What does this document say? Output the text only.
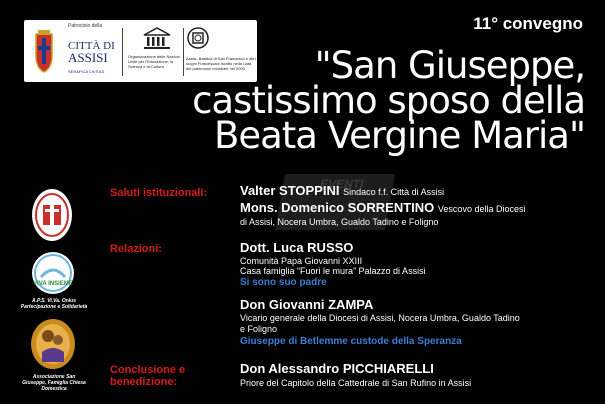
Patrocinio della
CITTÀ DI
ASSISI
SERAFICA CIVITAS
Organizzazione delle Nazioni Unite per l'Educazione, la Scienza e la Cultura
Assisi, Basilica di San Francesco e altri luoghi Francescani iscritto nella Lista del patrimonio mondiale nel 2000
11° convegno
"San Giuseppe,
castissimo sposo della
Beata Vergine Maria"
EVENTI
VIVA INSIEME
A.P.S. Vi.Va. Onlus Partecipazione e Solidarietà
Associazione San Giuseppe, Famiglia Chiesa Domestica
Saluti istituzionali:	Valter STOPPINI Sindaco f.f. Città di Assisi
Mons. Domenico SORRENTINO Vescovo della Diocesi
di Assisi, Nocera Umbra, Gualdo Tadino e Foligno
Relazioni:	Dott. Luca RUSSO
Comunità Papa Giovanni XXIII
Casa famiglia “Fuori le mura” Palazzo di Assisi
Si sono suo padre
Don Giovanni ZAMPA
Vicario generale della Diocesi di Assisi, Nocera Umbra, Gualdo Tadino
e Foligno
Giuseppe di Betlemme custode della Speranza
Conclusione e
benedizione:
Don Alessandro PICCHIARELLI
Priore del Capitolo della Cattedrale di San Rufino in Assisi
